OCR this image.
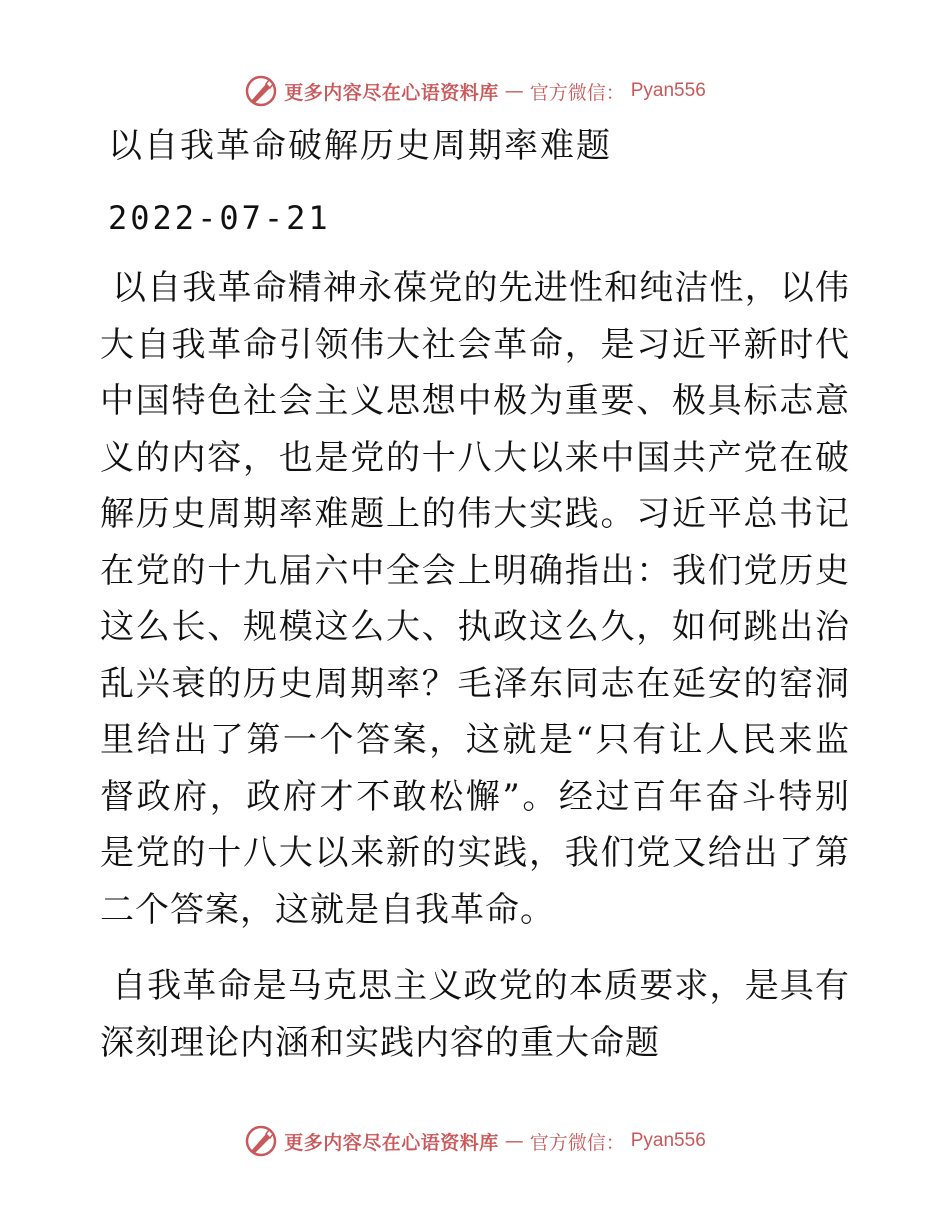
更多内容尽在心语资料库 — 官方微信： Pyan556
以自我革命破解历史周期率难题
2022-07-21

以自我革命精神永葆党的先进性和纯洁性，以伟大自我革命引领伟大社会革命，是习近平新时代中国特色社会主义思想中极为重要、极具标志意义的内容，也是党的十八大以来中国共产党在破解历史周期率难题上的伟大实践。习近平总书记在党的十九届六中全会上明确指出：我们党历史这么长、规模这么大、执政这么久，如何跳出治乱兴衰的历史周期率？毛泽东同志在延安的窑洞里给出了第一个答案，这就是“只有让人民来监督政府，政府才不敢松懈”。经过百年奋斗特别是党的十八大以来新的实践，我们党又给出了第二个答案，这就是自我革命。

自我革命是马克思主义政党的本质要求，是具有深刻理论内涵和实践内容的重大命题

更多内容尽在心语资料库 — 官方微信： Pyan556
